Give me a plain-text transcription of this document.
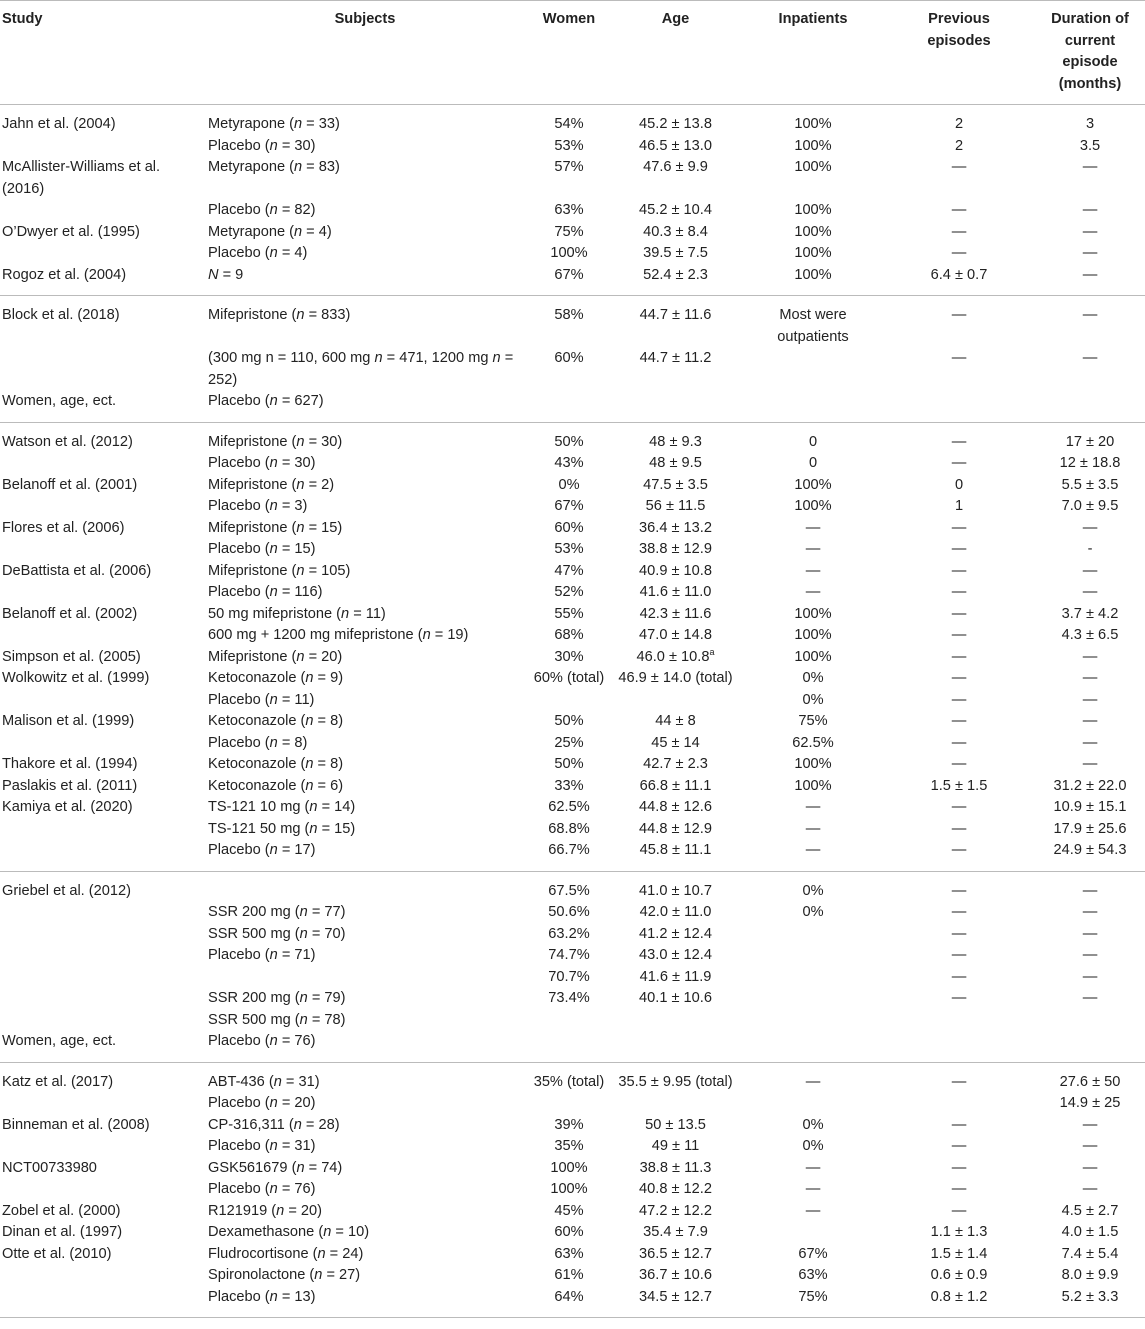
Study	Subjects	Women	Age	Inpatients	Previous episodes	Duration of current episode (months)
Jahn et al. (2004)	Metyrapone (n = 33)	54%	45.2 ± 13.8	100%	2	3
	Placebo (n = 30)	53%	46.5 ± 13.0	100%	2	3.5
McAllister-Williams et al. (2016)	Metyrapone (n = 83)	57%	47.6 ± 9.9	100%	—	—
	Placebo (n = 82)	63%	45.2 ± 10.4	100%	—	—
O’Dwyer et al. (1995)	Metyrapone (n = 4)	75%	40.3 ± 8.4	100%	—	—
	Placebo (n = 4)	100%	39.5 ± 7.5	100%	—	—
Rogoz et al. (2004)	N = 9	67%	52.4 ± 2.3	100%	6.4 ± 0.7	—
Block et al. (2018)	Mifepristone (n = 833)	58%	44.7 ± 11.6	Most were outpatients	—	—
	(300 mg n = 110, 600 mg n = 471, 1200 mg n = 252)	60%	44.7 ± 11.2		—	—
Women, age, ect.	Placebo (n = 627)					
Watson et al. (2012)	Mifepristone (n = 30)	50%	48 ± 9.3	0	—	17 ± 20
	Placebo (n = 30)	43%	48 ± 9.5	0	—	12 ± 18.8
Belanoff et al. (2001)	Mifepristone (n = 2)	0%	47.5 ± 3.5	100%	0	5.5 ± 3.5
	Placebo (n = 3)	67%	56 ± 11.5	100%	1	7.0 ± 9.5
Flores et al. (2006)	Mifepristone (n = 15)	60%	36.4 ± 13.2	—	—	—
	Placebo (n = 15)	53%	38.8 ± 12.9	—	—	-
DeBattista et al. (2006)	Mifepristone (n = 105)	47%	40.9 ± 10.8	—	—	—
	Placebo (n = 116)	52%	41.6 ± 11.0	—	—	—
Belanoff et al. (2002)	50 mg mifepristone (n = 11)	55%	42.3 ± 11.6	100%	—	3.7 ± 4.2
	600 mg + 1200 mg mifepristone (n = 19)	68%	47.0 ± 14.8	100%	—	4.3 ± 6.5
Simpson et al. (2005)	Mifepristone (n = 20)	30%	46.0 ± 10.8$^a$	100%	—	—
Wolkowitz et al. (1999)	Ketoconazole (n = 9)	60% (total)	46.9 ± 14.0 (total)	0%	—	—
	Placebo (n = 11)			0%	—	—
Malison et al. (1999)	Ketoconazole (n = 8)	50%	44 ± 8	75%	—	—
	Placebo (n = 8)	25%	45 ± 14	62.5%	—	—
Thakore et al. (1994)	Ketoconazole (n = 8)	50%	42.7 ± 2.3	100%	—	—
Paslakis et al. (2011)	Ketoconazole (n = 6)	33%	66.8 ± 11.1	100%	1.5 ± 1.5	31.2 ± 22.0
Kamiya et al. (2020)	TS-121 10 mg (n = 14)	62.5%	44.8 ± 12.6	—	—	10.9 ± 15.1
	TS-121 50 mg (n = 15)	68.8%	44.8 ± 12.9	—	—	17.9 ± 25.6
	Placebo (n = 17)	66.7%	45.8 ± 11.1	—	—	24.9 ± 54.3
Griebel et al. (2012)		67.5%	41.0 ± 10.7	0%	—	—
	SSR 200 mg (n = 77)	50.6%	42.0 ± 11.0	0%	—	—
	SSR 500 mg (n = 70)	63.2%	41.2 ± 12.4		—	—
	Placebo (n = 71)	74.7%	43.0 ± 12.4		—	—
		70.7%	41.6 ± 11.9		—	—
	SSR 200 mg (n = 79)	73.4%	40.1 ± 10.6		—	—
	SSR 500 mg (n = 78)					
Women, age, ect.	Placebo (n = 76)					
Katz et al. (2017)	ABT-436 (n = 31)	35% (total)	35.5 ± 9.95 (total)	—	—	27.6 ± 50
	Placebo (n = 20)					14.9 ± 25
Binneman et al. (2008)	CP-316,311 (n = 28)	39%	50 ± 13.5	0%	—	—
	Placebo (n = 31)	35%	49 ± 11	0%	—	—
NCT00733980	GSK561679 (n = 74)	100%	38.8 ± 11.3	—	—	—
	Placebo (n = 76)	100%	40.8 ± 12.2	—	—	—
Zobel et al. (2000)	R121919 (n = 20)	45%	47.2 ± 12.2	—	—	4.5 ± 2.7
Dinan et al. (1997)	Dexamethasone (n = 10)	60%	35.4 ± 7.9		1.1 ± 1.3	4.0 ± 1.5
Otte et al. (2010)	Fludrocortisone (n = 24)	63%	36.5 ± 12.7	67%	1.5 ± 1.4	7.4 ± 5.4
	Spironolactone (n = 27)	61%	36.7 ± 10.6	63%	0.6 ± 0.9	8.0 ± 9.9
	Placebo (n = 13)	64%	34.5 ± 12.7	75%	0.8 ± 1.2	5.2 ± 3.3
